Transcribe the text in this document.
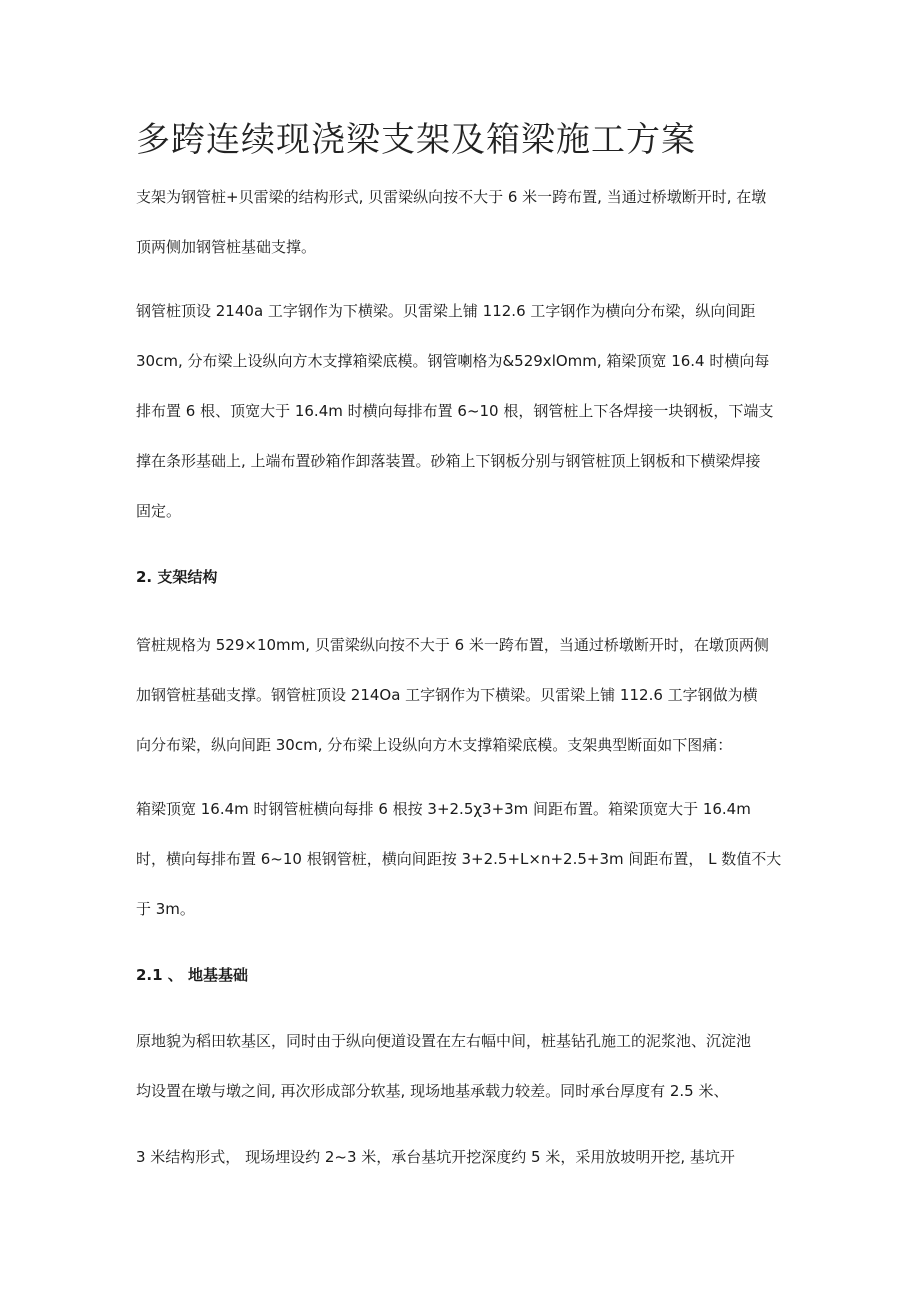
多跨连续现浇梁支架及箱梁施工方案

支架为钢管桩+贝雷梁的结构形式, 贝雷梁纵向按不大于 6 米一跨布置, 当通过桥墩断开时, 在墩
顶两侧加钢管桩基础支撑。

钢管桩顶设 2140a 工字钢作为下横梁。贝雷梁上铺 112.6 工字钢作为横向分布梁，纵向间距
30cm, 分布梁上设纵向方木支撑箱梁底模。钢管喇格为&529xlOmm, 箱梁顶宽 16.4 时横向每
排布置 6 根、顶宽大于 16.4m 时横向每排布置 6~10 根，钢管桩上下各焊接一块钢板，下端支
撑在条形基础上, 上端布置砂箱作卸落装置。砂箱上下钢板分别与钢管桩顶上钢板和下横梁焊接
固定。

2. 支架结构

管桩规格为 529×10mm, 贝雷梁纵向按不大于 6 米一跨布置，当通过桥墩断开时，在墩顶两侧
加钢管桩基础支撑。钢管桩顶设 214Oa 工字钢作为下横梁。贝雷梁上铺 112.6 工字钢做为横
向分布梁，纵向间距 30cm, 分布梁上设纵向方木支撑箱梁底模。支架典型断面如下图痛：

箱梁顶宽 16.4m 时钢管桩横向每排 6 根按 3+2.5χ3+3m 间距布置。箱梁顶宽大于 16.4m
时，横向每排布置 6~10 根钢管桩，横向间距按 3+2.5+L×n+2.5+3m 间距布置， L 数值不大
于 3m。

2.1 、 地基基础

原地貌为稻田软基区，同时由于纵向便道设置在左右幅中间，桩基钻孔施工的泥浆池、沉淀池
均设置在墩与墩之间, 再次形成部分软基, 现场地基承载力较差。同时承台厚度有 2.5 米、
3 米结构形式， 现场埋设约 2~3 米，承台基坑开挖深度约 5 米，采用放坡明开挖, 基坑开
